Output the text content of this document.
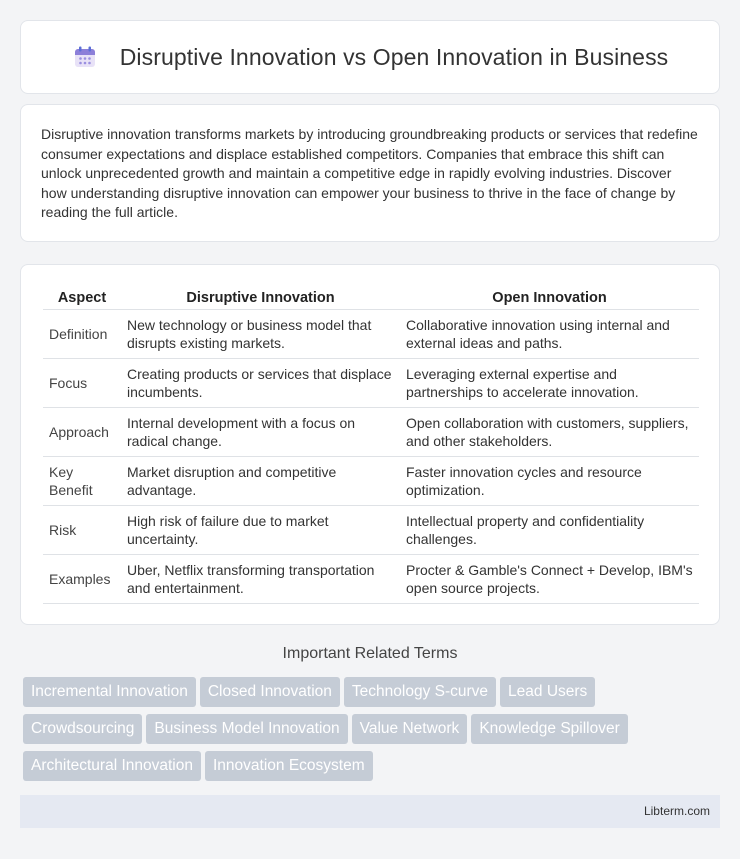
Disruptive Innovation vs Open Innovation in Business

Disruptive innovation transforms markets by introducing groundbreaking products or services that redefine consumer expectations and displace established competitors. Companies that embrace this shift can unlock unprecedented growth and maintain a competitive edge in rapidly evolving industries. Discover how understanding disruptive innovation can empower your business to thrive in the face of change by reading the full article.

Aspect	Disruptive Innovation	Open Innovation
Definition	New technology or business model that disrupts existing markets.	Collaborative innovation using internal and external ideas and paths.
Focus	Creating products or services that displace incumbents.	Leveraging external expertise and partnerships to accelerate innovation.
Approach	Internal development with a focus on radical change.	Open collaboration with customers, suppliers, and other stakeholders.
Key Benefit	Market disruption and competitive advantage.	Faster innovation cycles and resource optimization.
Risk	High risk of failure due to market uncertainty.	Intellectual property and confidentiality challenges.
Examples	Uber, Netflix transforming transportation and entertainment.	Procter & Gamble's Connect + Develop, IBM's open source projects.
Important Related Terms
Incremental Innovation Closed Innovation Technology S-curve Lead Users
Crowdsourcing Business Model Innovation Value Network Knowledge Spillover
Architectural Innovation Innovation Ecosystem
Libterm.com
